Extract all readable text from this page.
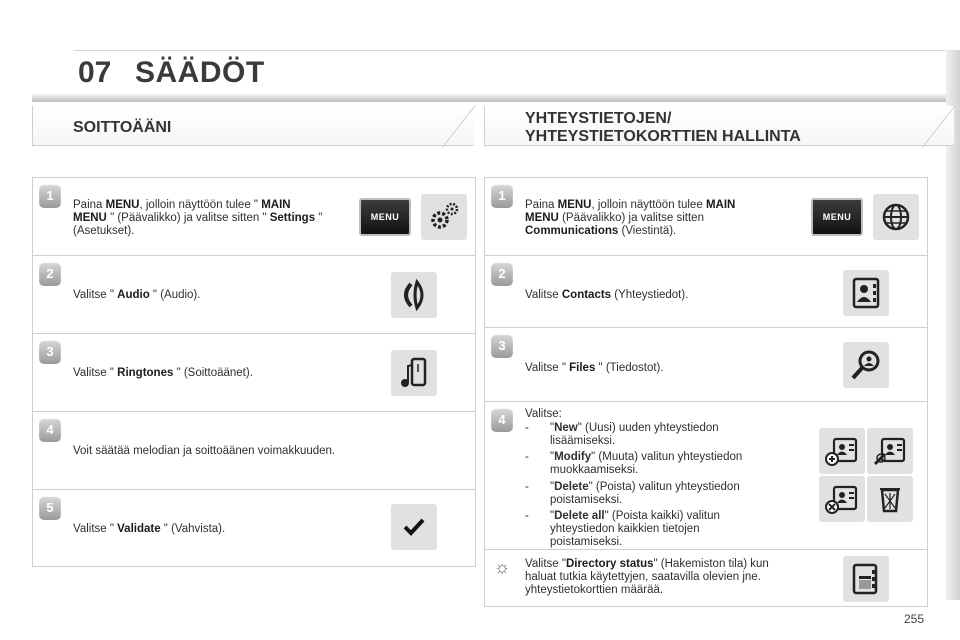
07 SÄÄDÖT
SOITTOÄÄNI
1
Paina MENU, jolloin näyttöön tulee " MAIN
MENU " (Päävalikko) ja valitse sitten " Settings "
(Asetukset).
MENU
2
Valitse " Audio " (Audio).
3
Valitse " Ringtones " (Soittoäänet).
4
Voit säätää melodian ja soittoäänen voimakkuuden.
5
Valitse " Validate " (Vahvista).
YHTEYSTIETOJEN/
YHTEYSTIETOKORTTIEN HALLINTA
1
Paina MENU, jolloin näyttöön tulee MAIN
MENU (Päävalikko) ja valitse sitten
Communications (Viestintä).
MENU
2
Valitse Contacts (Yhteystiedot).
3
Valitse " Files " (Tiedostot).
4	Valitse:
- "New" (Uusi) uuden yhteystiedon
lisäämiseksi.
- "Modify" (Muuta) valitun yhteystiedon
muokkaamiseksi.
- "Delete" (Poista) valitun yhteystiedon
poistamiseksi.
- "Delete all" (Poista kaikki) valitun
yhteystiedon kaikkien tietojen
poistamiseksi.
☼ Valitse "Directory status" (Hakemiston tila) kun
haluat tutkia käytettyjen, saatavilla olevien jne.
yhteystietokorttien määrää.
255
